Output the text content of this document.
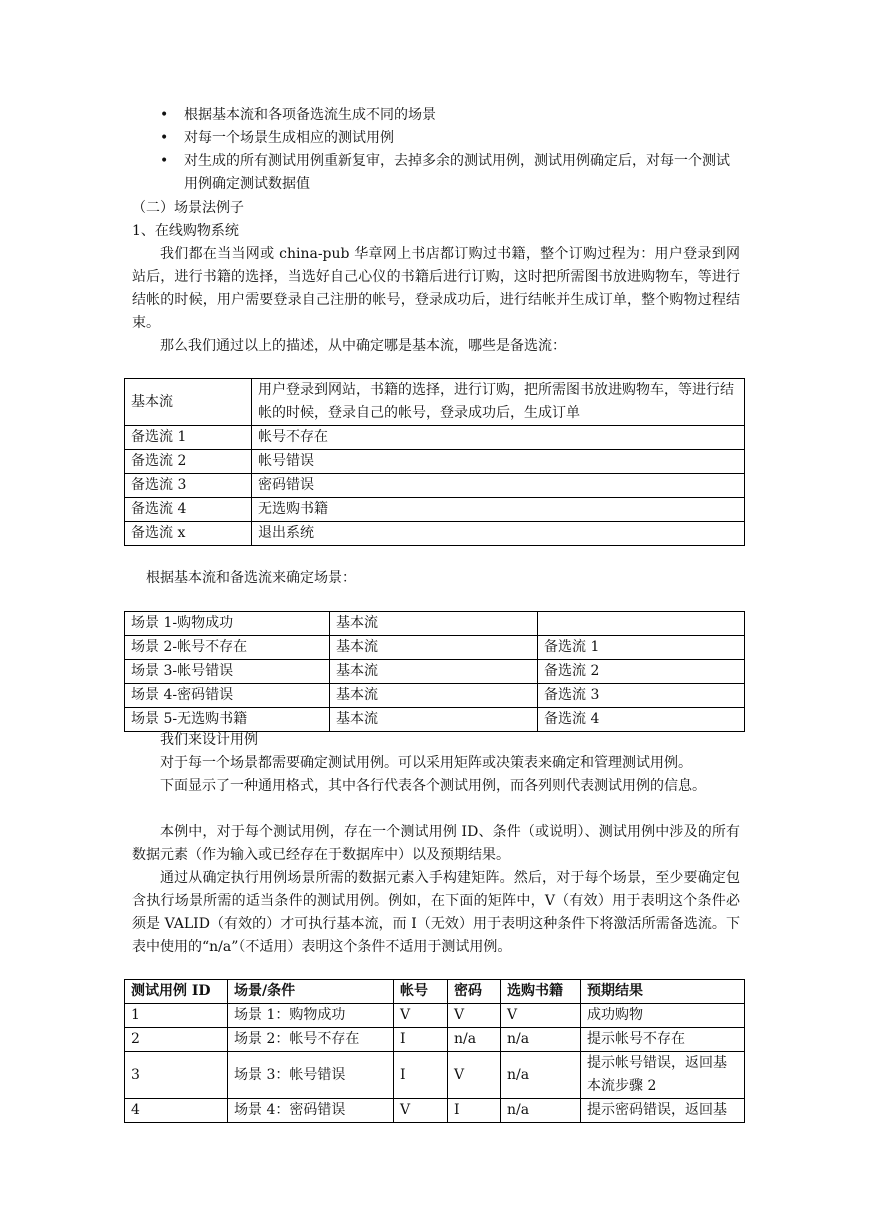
• 根据基本流和各项备选流生成不同的场景
• 对每一个场景生成相应的测试用例
• 对生成的所有测试用例重新复审，去掉多余的测试用例，测试用例确定后，对每一个测试用例确定测试数据值
（二）场景法例子
1、在线购物系统
我们都在当当网或 china-pub 华章网上书店都订购过书籍，整个订购过程为：用户登录到网站后，进行书籍的选择，当选好自己心仪的书籍后进行订购，这时把所需图书放进购物车，等进行结帐的时候，用户需要登录自己注册的帐号，登录成功后，进行结帐并生成订单，整个购物过程结束。
那么我们通过以上的描述，从中确定哪是基本流，哪些是备选流：
基本流	用户登录到网站，书籍的选择，进行订购，把所需图书放进购物车，等进行结帐的时候，登录自己的帐号，登录成功后，生成订单
备选流 1	帐号不存在
备选流 2	帐号错误
备选流 3	密码错误
备选流 4	无选购书籍
备选流 x	退出系统
根据基本流和备选流来确定场景：
场景 1-购物成功	基本流	
场景 2-帐号不存在	基本流	备选流 1
场景 3-帐号错误	基本流	备选流 2
场景 4-密码错误	基本流	备选流 3
场景 5-无选购书籍	基本流	备选流 4
我们来设计用例
对于每一个场景都需要确定测试用例。可以采用矩阵或决策表来确定和管理测试用例。
下面显示了一种通用格式，其中各行代表各个测试用例，而各列则代表测试用例的信息。
本例中，对于每个测试用例，存在一个测试用例 ID、条件（或说明）、测试用例中涉及的所有数据元素（作为输入或已经存在于数据库中）以及预期结果。
通过从确定执行用例场景所需的数据元素入手构建矩阵。然后，对于每个场景，至少要确定包含执行场景所需的适当条件的测试用例。例如，在下面的矩阵中，V（有效）用于表明这个条件必须是 VALID（有效的）才可执行基本流，而 I（无效）用于表明这种条件下将激活所需备选流。下表中使用的“n/a”（不适用）表明这个条件不适用于测试用例。
测试用例 ID	场景/条件	帐号	密码	选购书籍	预期结果
1	场景 1：购物成功	V	V	V	成功购物
2	场景 2：帐号不存在	I	n/a	n/a	提示帐号不存在
3	场景 3：帐号错误	I	V	n/a	提示帐号错误，返回基本流步骤 2
4	场景 4：密码错误	V	I	n/a	提示密码错误，返回基
